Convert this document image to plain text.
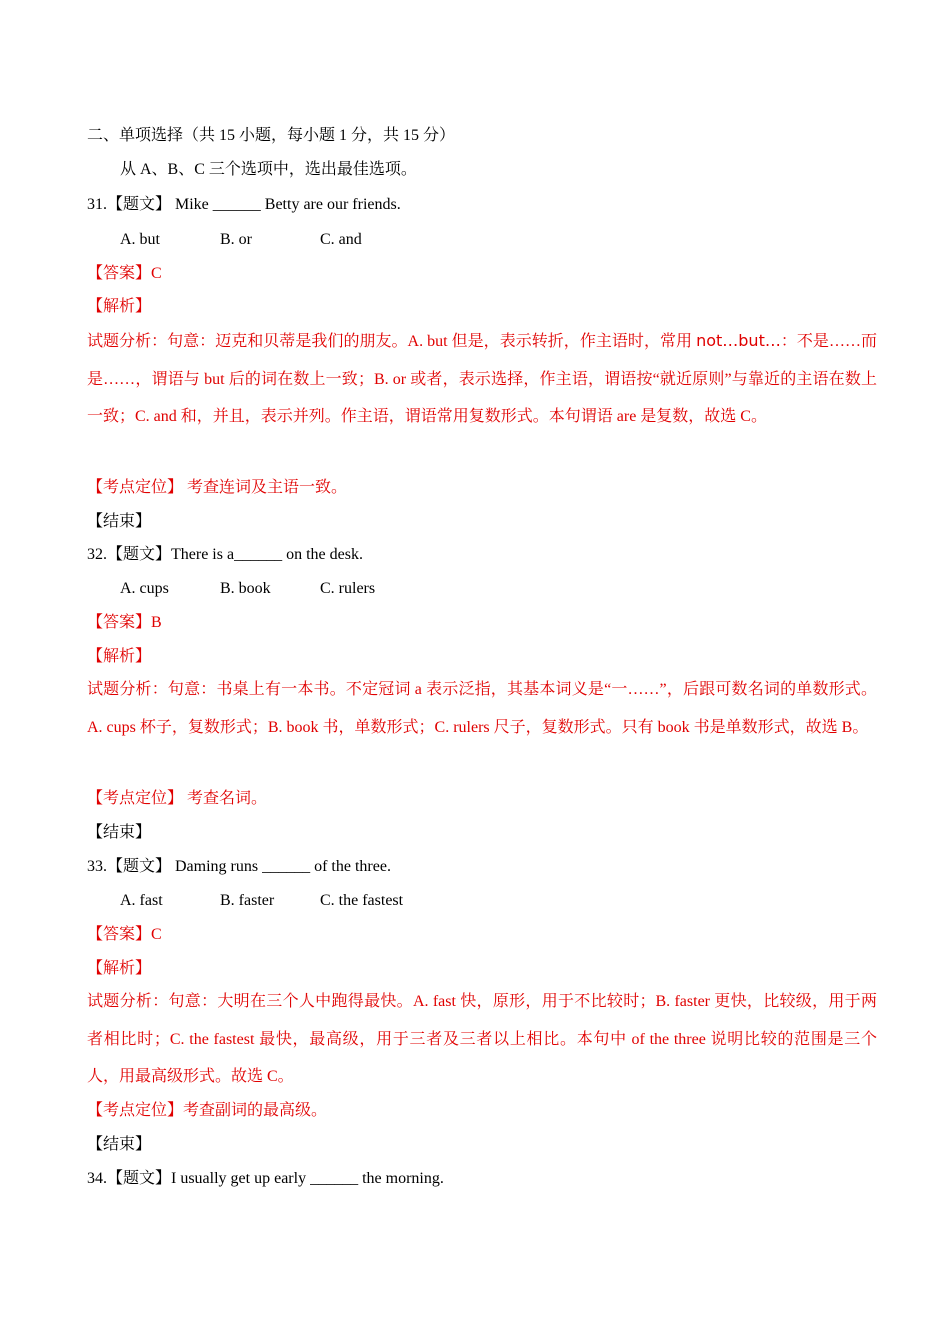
二、单项选择（共 15 小题，每小题 1 分，共 15 分）
从 A、B、C 三个选项中，选出最佳选项。
31.【题文】 Mike ______ Betty are our friends.
A. but	B. or	C. and
【答案】C
【解析】
试题分析：句意：迈克和贝蒂是我们的朋友。A. but 但是，表示转折，作主语时，常用 not…but…：不是……而是……，谓语与 but 后的词在数上一致；B. or 或者，表示选择，作主语，谓语按“就近原则”与靠近的主语在数上一致；C. and 和，并且，表示并列。作主语，谓语常用复数形式。本句谓语 are 是复数，故选 C。
【考点定位】 考查连词及主语一致。
【结束】
32.【题文】There is a______ on the desk.
A. cups	B. book	C. rulers
【答案】B
【解析】
试题分析：句意：书桌上有一本书。不定冠词 a 表示泛指，其基本词义是“一……”，后跟可数名词的单数形式。A. cups 杯子，复数形式；B. book 书，单数形式；C. rulers 尺子，复数形式。只有 book 书是单数形式，故选 B。
【考点定位】 考查名词。
【结束】
33.【题文】 Daming runs ______ of the three.
A. fast	B. faster	C. the fastest
【答案】C
【解析】
试题分析：句意：大明在三个人中跑得最快。A. fast 快，原形，用于不比较时；B. faster 更快，比较级，用于两者相比时；C. the fastest 最快，最高级，用于三者及三者以上相比。本句中 of the three 说明比较的范围是三个人，用最高级形式。故选 C。
【考点定位】考查副词的最高级。
【结束】
34.【题文】I usually get up early ______ the morning.
